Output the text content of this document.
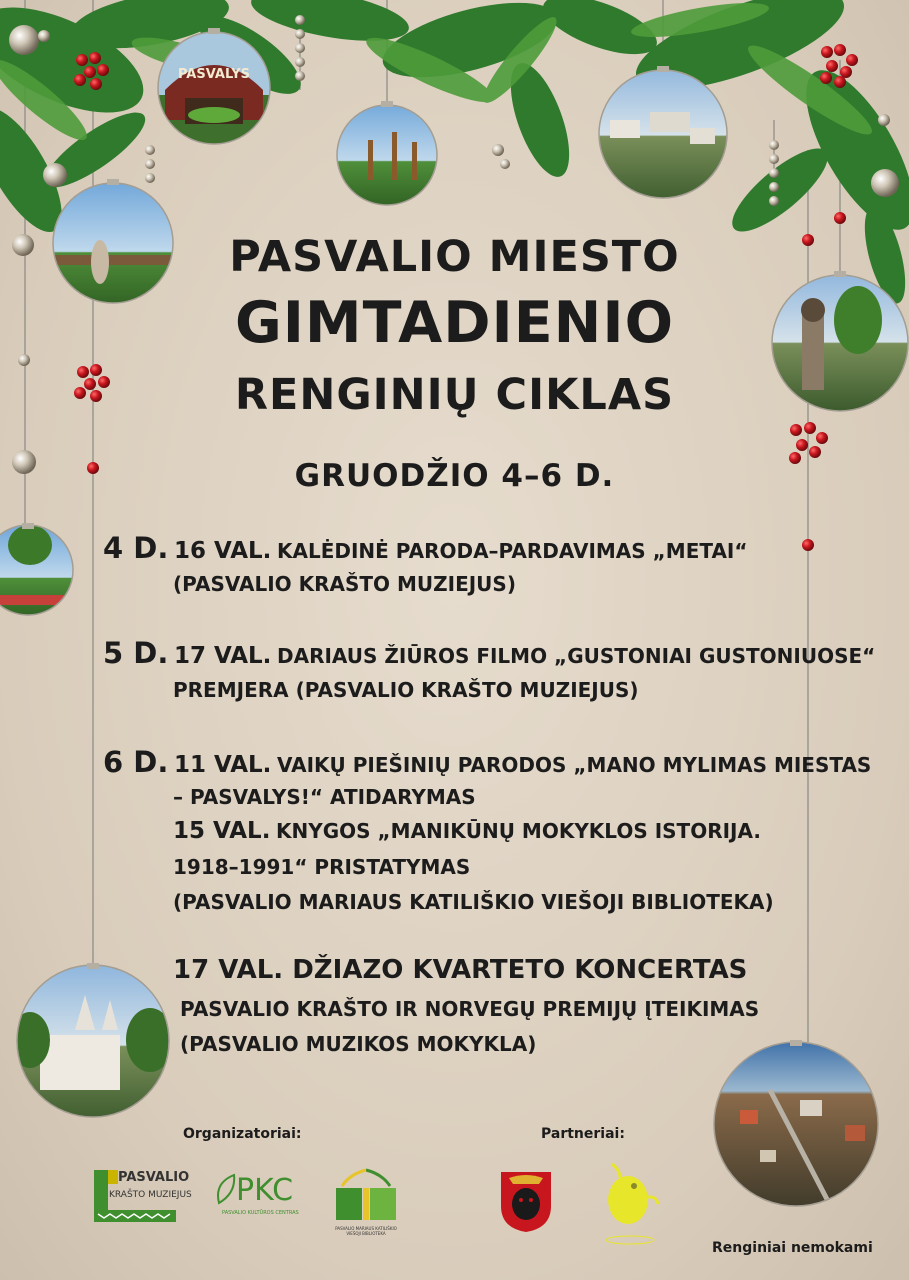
PASVALYS
PASVALIO MIESTO
GIMTADIENIO
RENGINIŲ CIKLAS
GRUODŽIO 4–6 D.
4 D. 16 VAL. KALĖDINĖ PARODA–PARDAVIMAS „METAI“
(PASVALIO KRAŠTO MUZIEJUS)
5 D. 17 VAL. DARIAUS ŽIŪROS FILMO „GUSTONIAI GUSTONIUOSE“
PREMJERA (PASVALIO KRAŠTO MUZIEJUS)
6 D. 11 VAL. VAIKŲ PIEŠINIŲ PARODOS „MANO MYLIMAS MIESTAS
– PASVALYS!“ ATIDARYMAS
15 VAL. KNYGOS „MANIKŪNŲ MOKYKLOS ISTORIJA.
1918–1991“ PRISTATYMAS
(PASVALIO MARIAUS KATILIŠKIO VIEŠOJI BIBLIOTEKA)
17 VAL. DŽIAZO KVARTETO KONCERTAS
PASVALIO KRAŠTO IR NORVEGŲ PREMIJŲ ĮTEIKIMAS
(PASVALIO MUZIKOS MOKYKLA)
Organizatoriai:	Partneriai:
Renginiai nemokami
PASVALIO
KRAŠTO MUZIEJUS PKC
PASVALIO KULTŪROS CENTRAS
PASVALIO MARIAUS KATILIŠKIO VIEŠOJI BIBLIOTEKA
